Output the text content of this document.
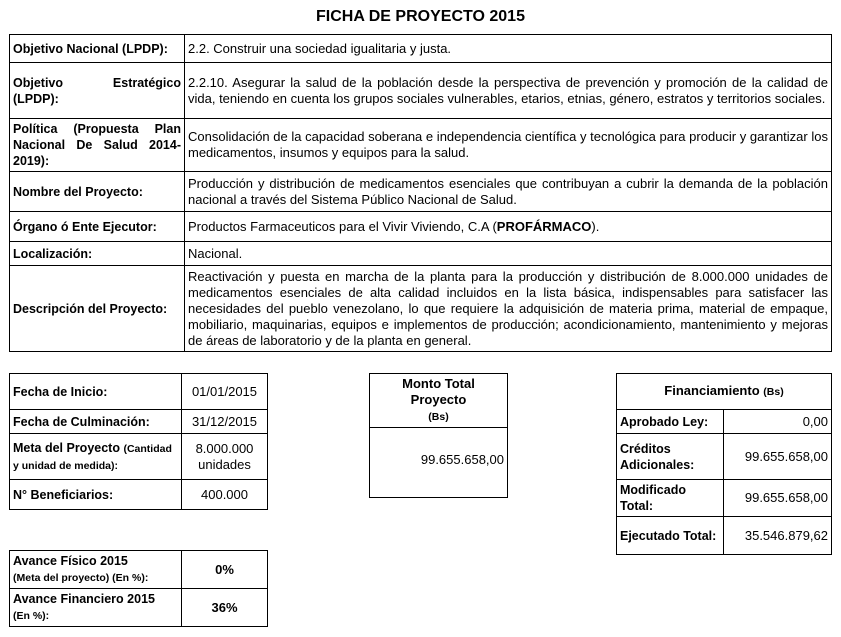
FICHA DE PROYECTO 2015
Objetivo Nacional (LPDP):	2.2. Construir una sociedad igualitaria y justa.
Objetivo Estratégico (LPDP):	2.2.10. Asegurar la salud de la población desde la perspectiva de prevención y promoción de la calidad de vida, teniendo en cuenta los grupos sociales vulnerables, etarios, etnias, género, estratos y territorios sociales.
Política (Propuesta Plan Nacional De Salud 2014-2019):	Consolidación de la capacidad soberana e independencia científica y tecnológica para producir y garantizar los medicamentos, insumos y equipos para la salud.
Nombre del Proyecto:	Producción y distribución de medicamentos esenciales que contribuyan a cubrir la demanda de la población nacional a través del Sistema Público Nacional de Salud.
Órgano ó Ente Ejecutor:	Productos Farmaceuticos para el Vivir Viviendo, C.A (PROFÁRMACO).
Localización:	Nacional.
Descripción del Proyecto:	Reactivación y puesta en marcha de la planta para la producción y distribución de 8.000.000 unidades de medicamentos esenciales de alta calidad incluidos en la lista básica, indispensables para satisfacer las necesidades del pueblo venezolano, lo que requiere la adquisición de materia prima, material de empaque, mobiliario, maquinarias, equipos e implementos de producción; acondicionamiento, mantenimiento y mejoras de áreas de laboratorio y de la planta en general.
Fecha de Inicio:	01/01/2015
Fecha de Culminación:	31/12/2015
Meta del Proyecto (Cantidad y unidad de medida):	8.000.000 unidades
N° Beneficiarios:	400.000
Monto Total Proyecto
(Bs)
99.655.658,00
Financiamiento (Bs)	
Aprobado Ley:	0,00
Créditos Adicionales:	99.655.658,00
Modificado Total:	99.655.658,00
Ejecutado Total:	35.546.879,62
Avance Físico 2015
(Meta del proyecto) (En %):	0%
Avance Financiero 2015
(En %):	36%
